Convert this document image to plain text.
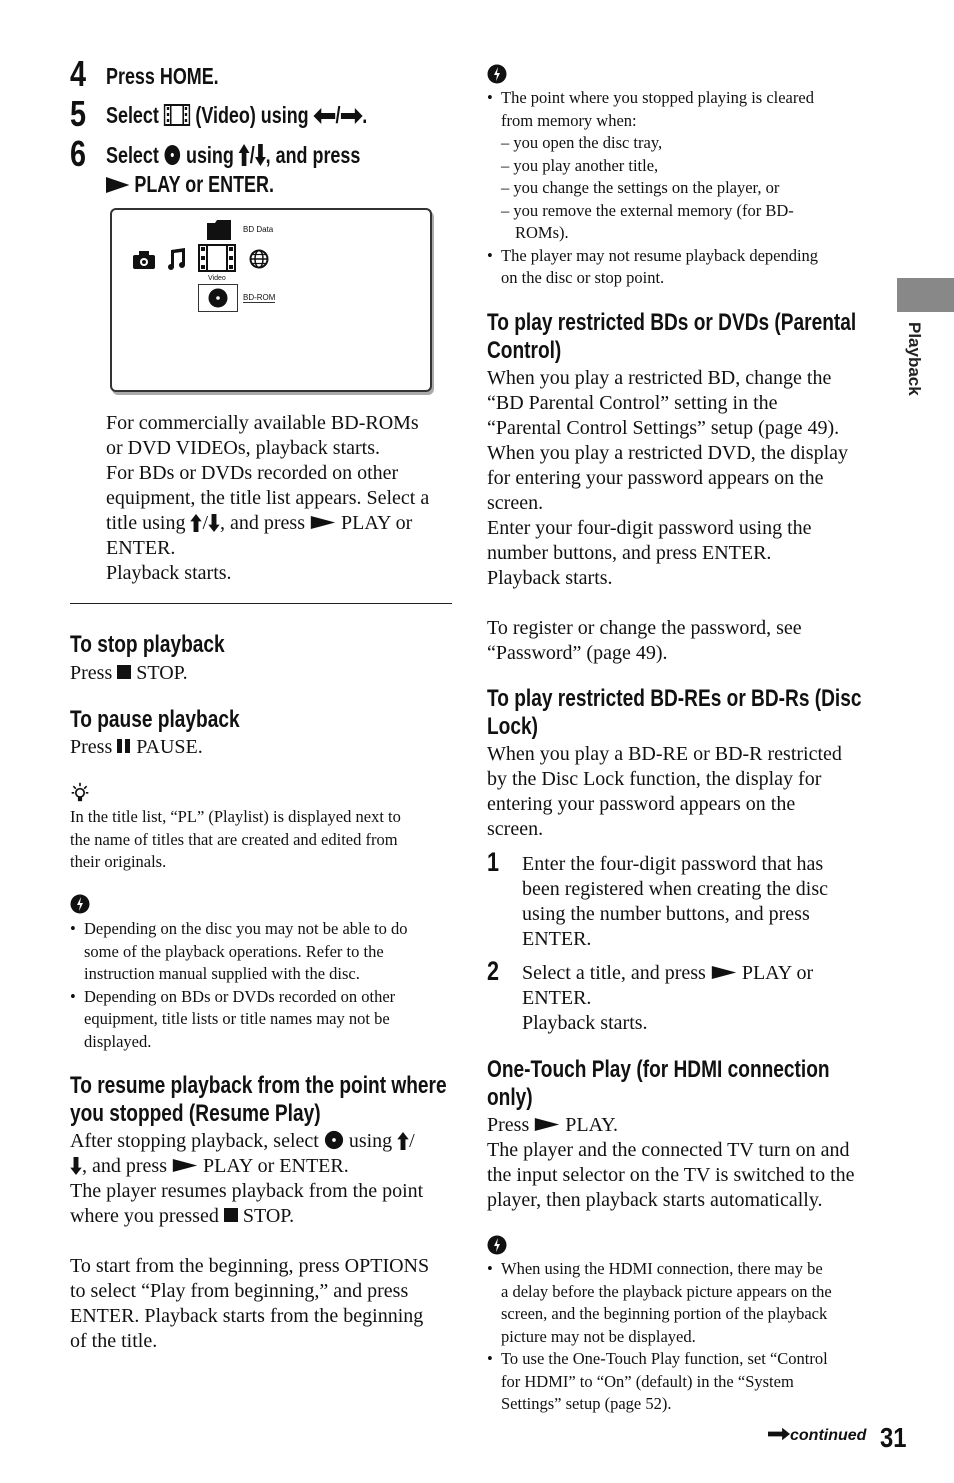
4 Press HOME.
5 Select (Video) using / .
6 Select using / , and press
PLAY or ENTER.
BD Data
Video
BD-ROM
For commercially available BD-ROMs
or DVD VIDEOs, playback starts.
For BDs or DVDs recorded on other
equipment, the title list appears. Select a
title using / , and press PLAY or
ENTER.
Playback starts.
To stop playback
Press STOP.
To pause playback
Press PAUSE.
In the title list, “PL” (Playlist) is displayed next to
the name of titles that are created and edited from
their originals.
• Depending on the disc you may not be able to do
some of the playback operations. Refer to the
instruction manual supplied with the disc.
• Depending on BDs or DVDs recorded on other
equipment, title lists or title names may not be
displayed.
To resume playback from the point where
you stopped (Resume Play)
After stopping playback, select using /
, and press PLAY or ENTER.
The player resumes playback from the point
where you pressed STOP.
To start from the beginning, press OPTIONS
to select “Play from beginning,” and press
ENTER. Playback starts from the beginning
of the title.
• The point where you stopped playing is cleared
from memory when:
– you open the disc tray,
– you play another title,
– you change the settings on the player, or
– you remove the external memory (for BD-
ROMs).
• The player may not resume playback depending
on the disc or stop point.
To play restricted BDs or DVDs (Parental
Control)
When you play a restricted BD, change the
“BD Parental Control” setting in the
“Parental Control Settings” setup (page 49).
When you play a restricted DVD, the display
for entering your password appears on the
screen.
Enter your four-digit password using the
number buttons, and press ENTER.
Playback starts.
To register or change the password, see
“Password” (page 49).
To play restricted BD-REs or BD-Rs (Disc
Lock)
When you play a BD-RE or BD-R restricted
by the Disc Lock function, the display for
entering your password appears on the
screen.
1 Enter the four-digit password that has
been registered when creating the disc
using the number buttons, and press
ENTER.
2 Select a title, and press PLAY or
ENTER.
Playback starts.
One-Touch Play (for HDMI connection
only)
Press PLAY.
The player and the connected TV turn on and
the input selector on the TV is switched to the
player, then playback starts automatically.
• When using the HDMI connection, there may be
a delay before the playback picture appears on the
screen, and the beginning portion of the playback
picture may not be displayed.
• To use the One-Touch Play function, set “Control
for HDMI” to “On” (default) in the “System
Settings” setup (page 52).
continued 31
Playback
